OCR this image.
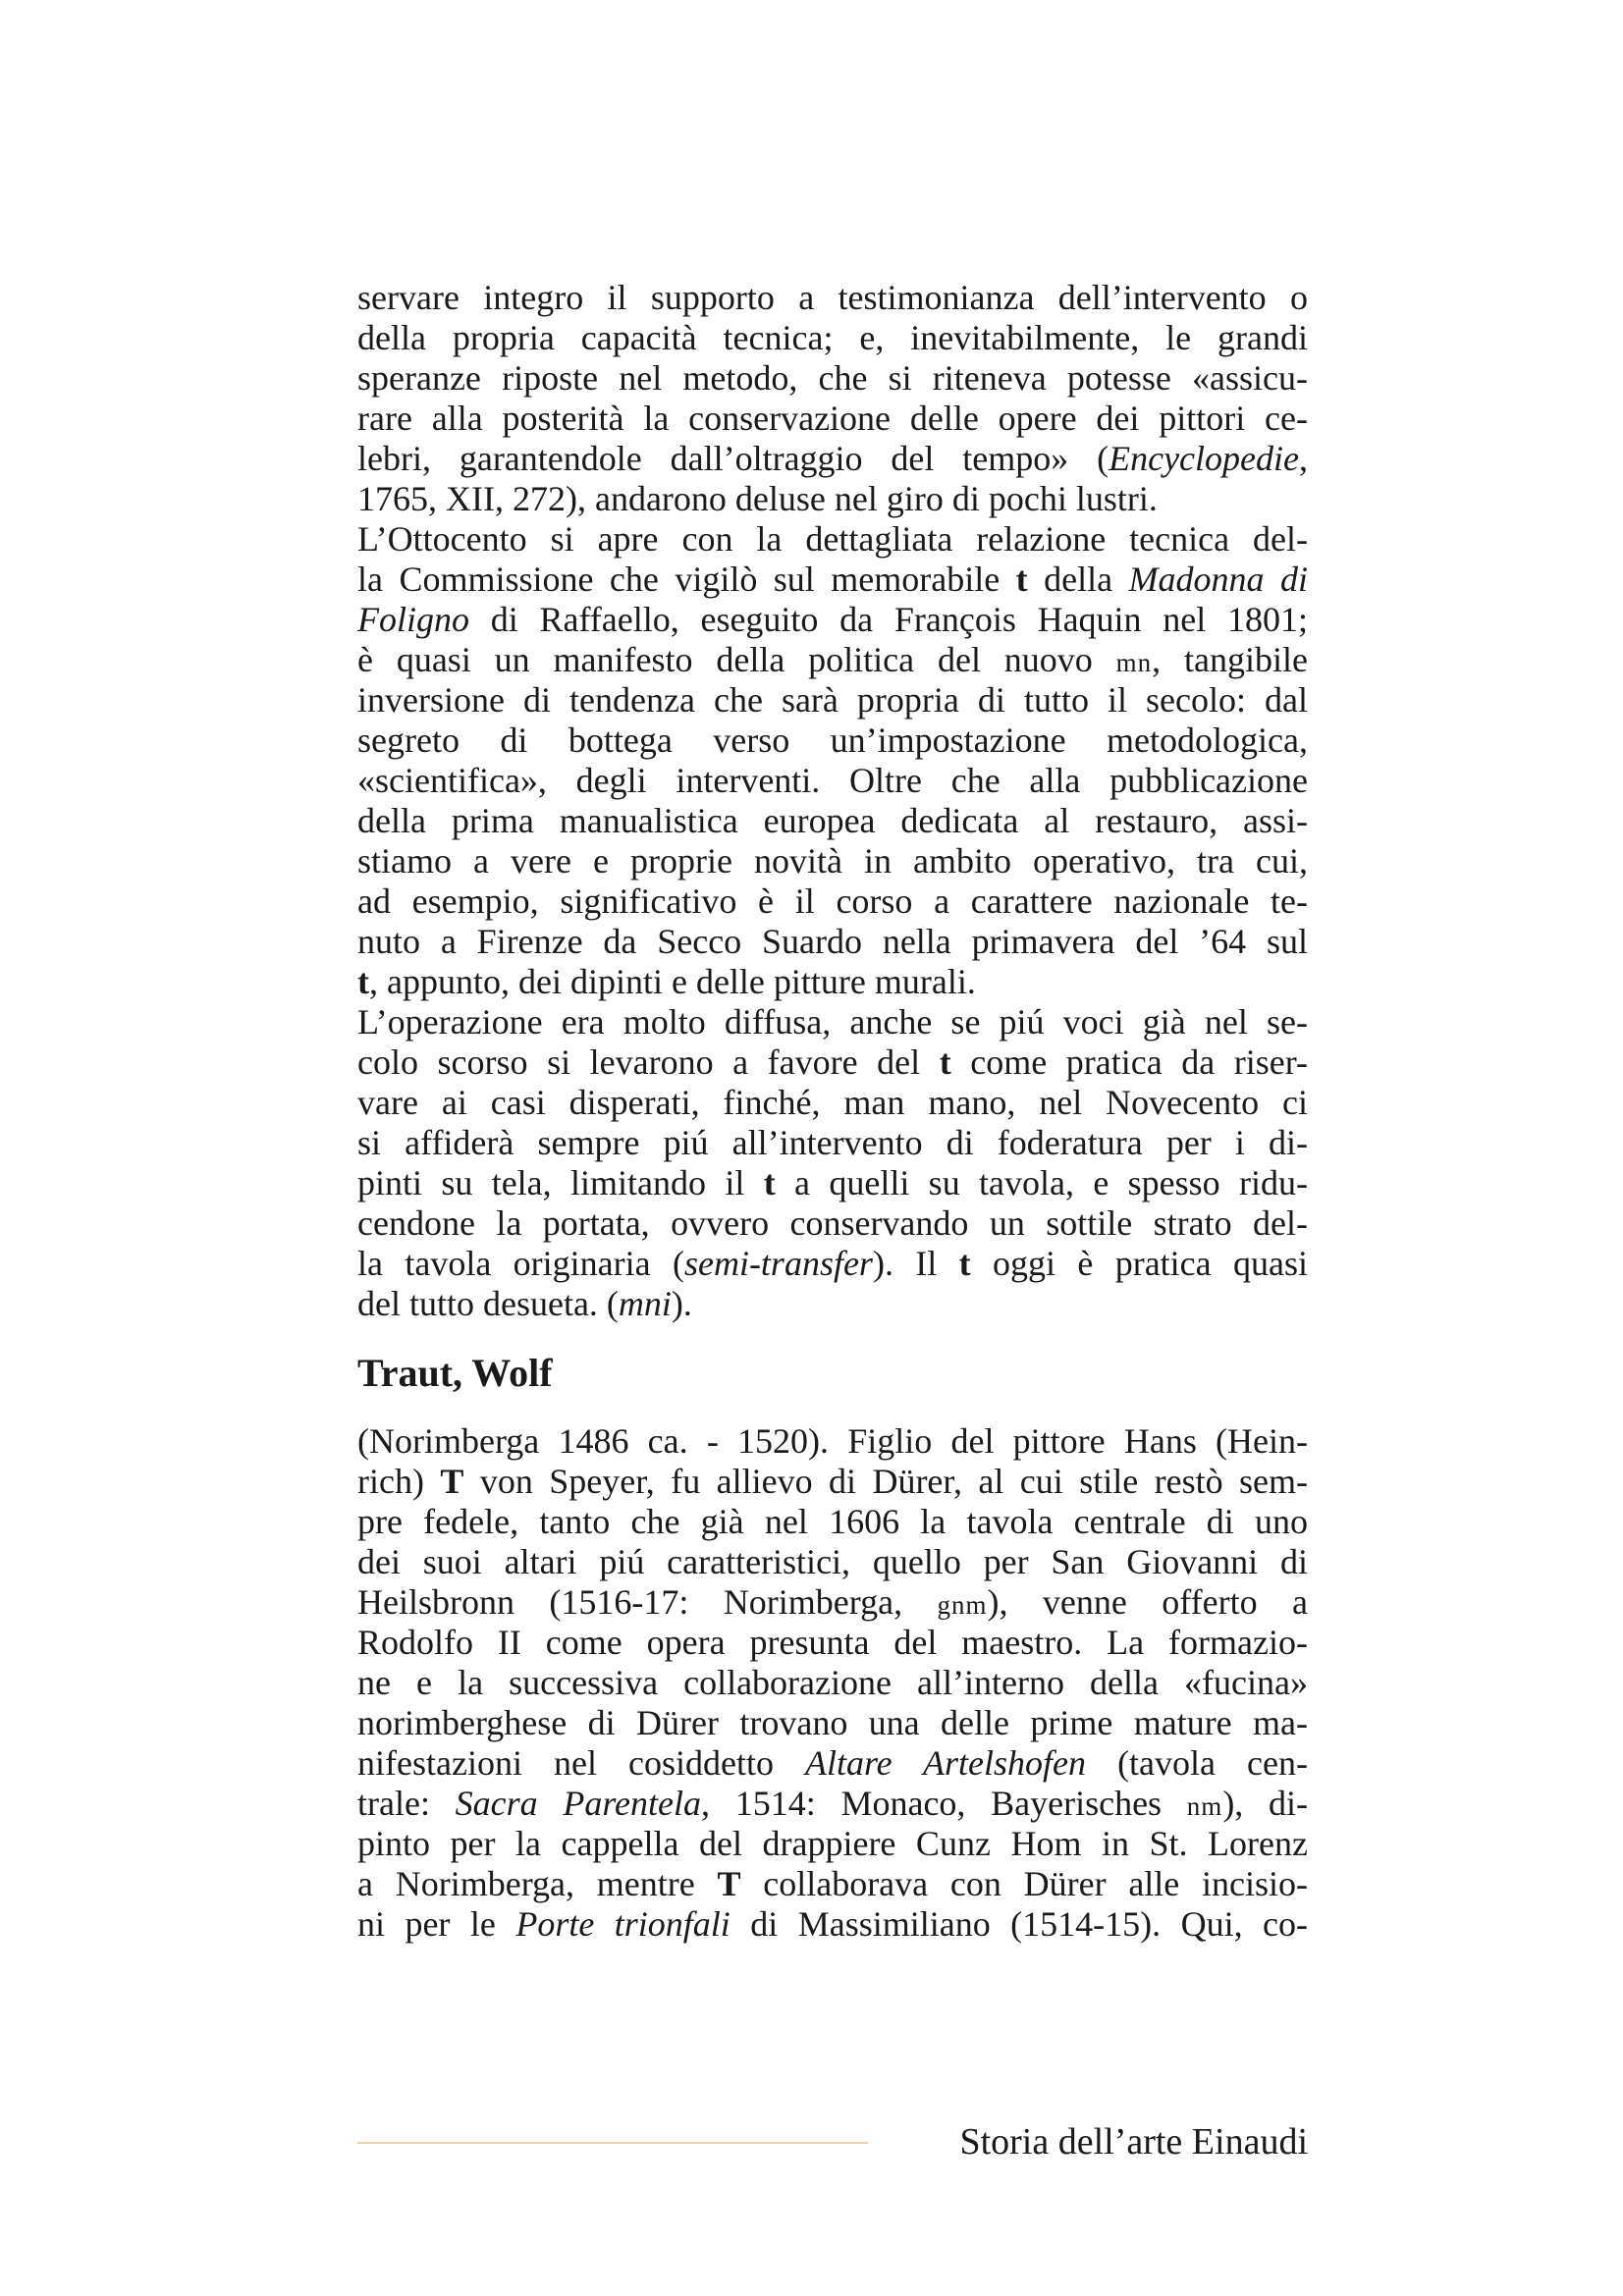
servare integro il supporto a testimonianza dell’intervento o
della propria capacità tecnica; e, inevitabilmente, le grandi
speranze riposte nel metodo, che si riteneva potesse «assicu-
rare alla posterità la conservazione delle opere dei pittori ce-
lebri, garantendole dall’oltraggio del tempo» (Encyclopedie,
1765, XII, 272), andarono deluse nel giro di pochi lustri.
L’Ottocento si apre con la dettagliata relazione tecnica del-
la Commissione che vigilò sul memorabile t della Madonna di
Foligno di Raffaello, eseguito da François Haquin nel 1801;
è quasi un manifesto della politica del nuovo mn, tangibile
inversione di tendenza che sarà propria di tutto il secolo: dal
segreto di bottega verso un’impostazione metodologica,
«scientifica», degli interventi. Oltre che alla pubblicazione
della prima manualistica europea dedicata al restauro, assi-
stiamo a vere e proprie novità in ambito operativo, tra cui,
ad esempio, significativo è il corso a carattere nazionale te-
nuto a Firenze da Secco Suardo nella primavera del ’64 sul
t, appunto, dei dipinti e delle pitture murali.
L’operazione era molto diffusa, anche se piú voci già nel se-
colo scorso si levarono a favore del t come pratica da riser-
vare ai casi disperati, finché, man mano, nel Novecento ci
si affiderà sempre piú all’intervento di foderatura per i di-
pinti su tela, limitando il t a quelli su tavola, e spesso ridu-
cendone la portata, ovvero conservando un sottile strato del-
la tavola originaria (semi-transfer). Il t oggi è pratica quasi
del tutto desueta. (mni).
Traut, Wolf
(Norimberga 1486 ca. - 1520). Figlio del pittore Hans (Hein-
rich) T von Speyer, fu allievo di Dürer, al cui stile restò sem-
pre fedele, tanto che già nel 1606 la tavola centrale di uno
dei suoi altari piú caratteristici, quello per San Giovanni di
Heilsbronn (1516-17: Norimberga, gnm), venne offerto a
Rodolfo II come opera presunta del maestro. La formazio-
ne e la successiva collaborazione all’interno della «fucina»
norimberghese di Dürer trovano una delle prime mature ma-
nifestazioni nel cosiddetto Altare Artelshofen (tavola cen-
trale: Sacra Parentela, 1514: Monaco, Bayerisches nm), di-
pinto per la cappella del drappiere Cunz Hom in St. Lorenz
a Norimberga, mentre T collaborava con Dürer alle incisio-
ni per le Porte trionfali di Massimiliano (1514-15). Qui, co-
Storia dell’arte Einaudi
